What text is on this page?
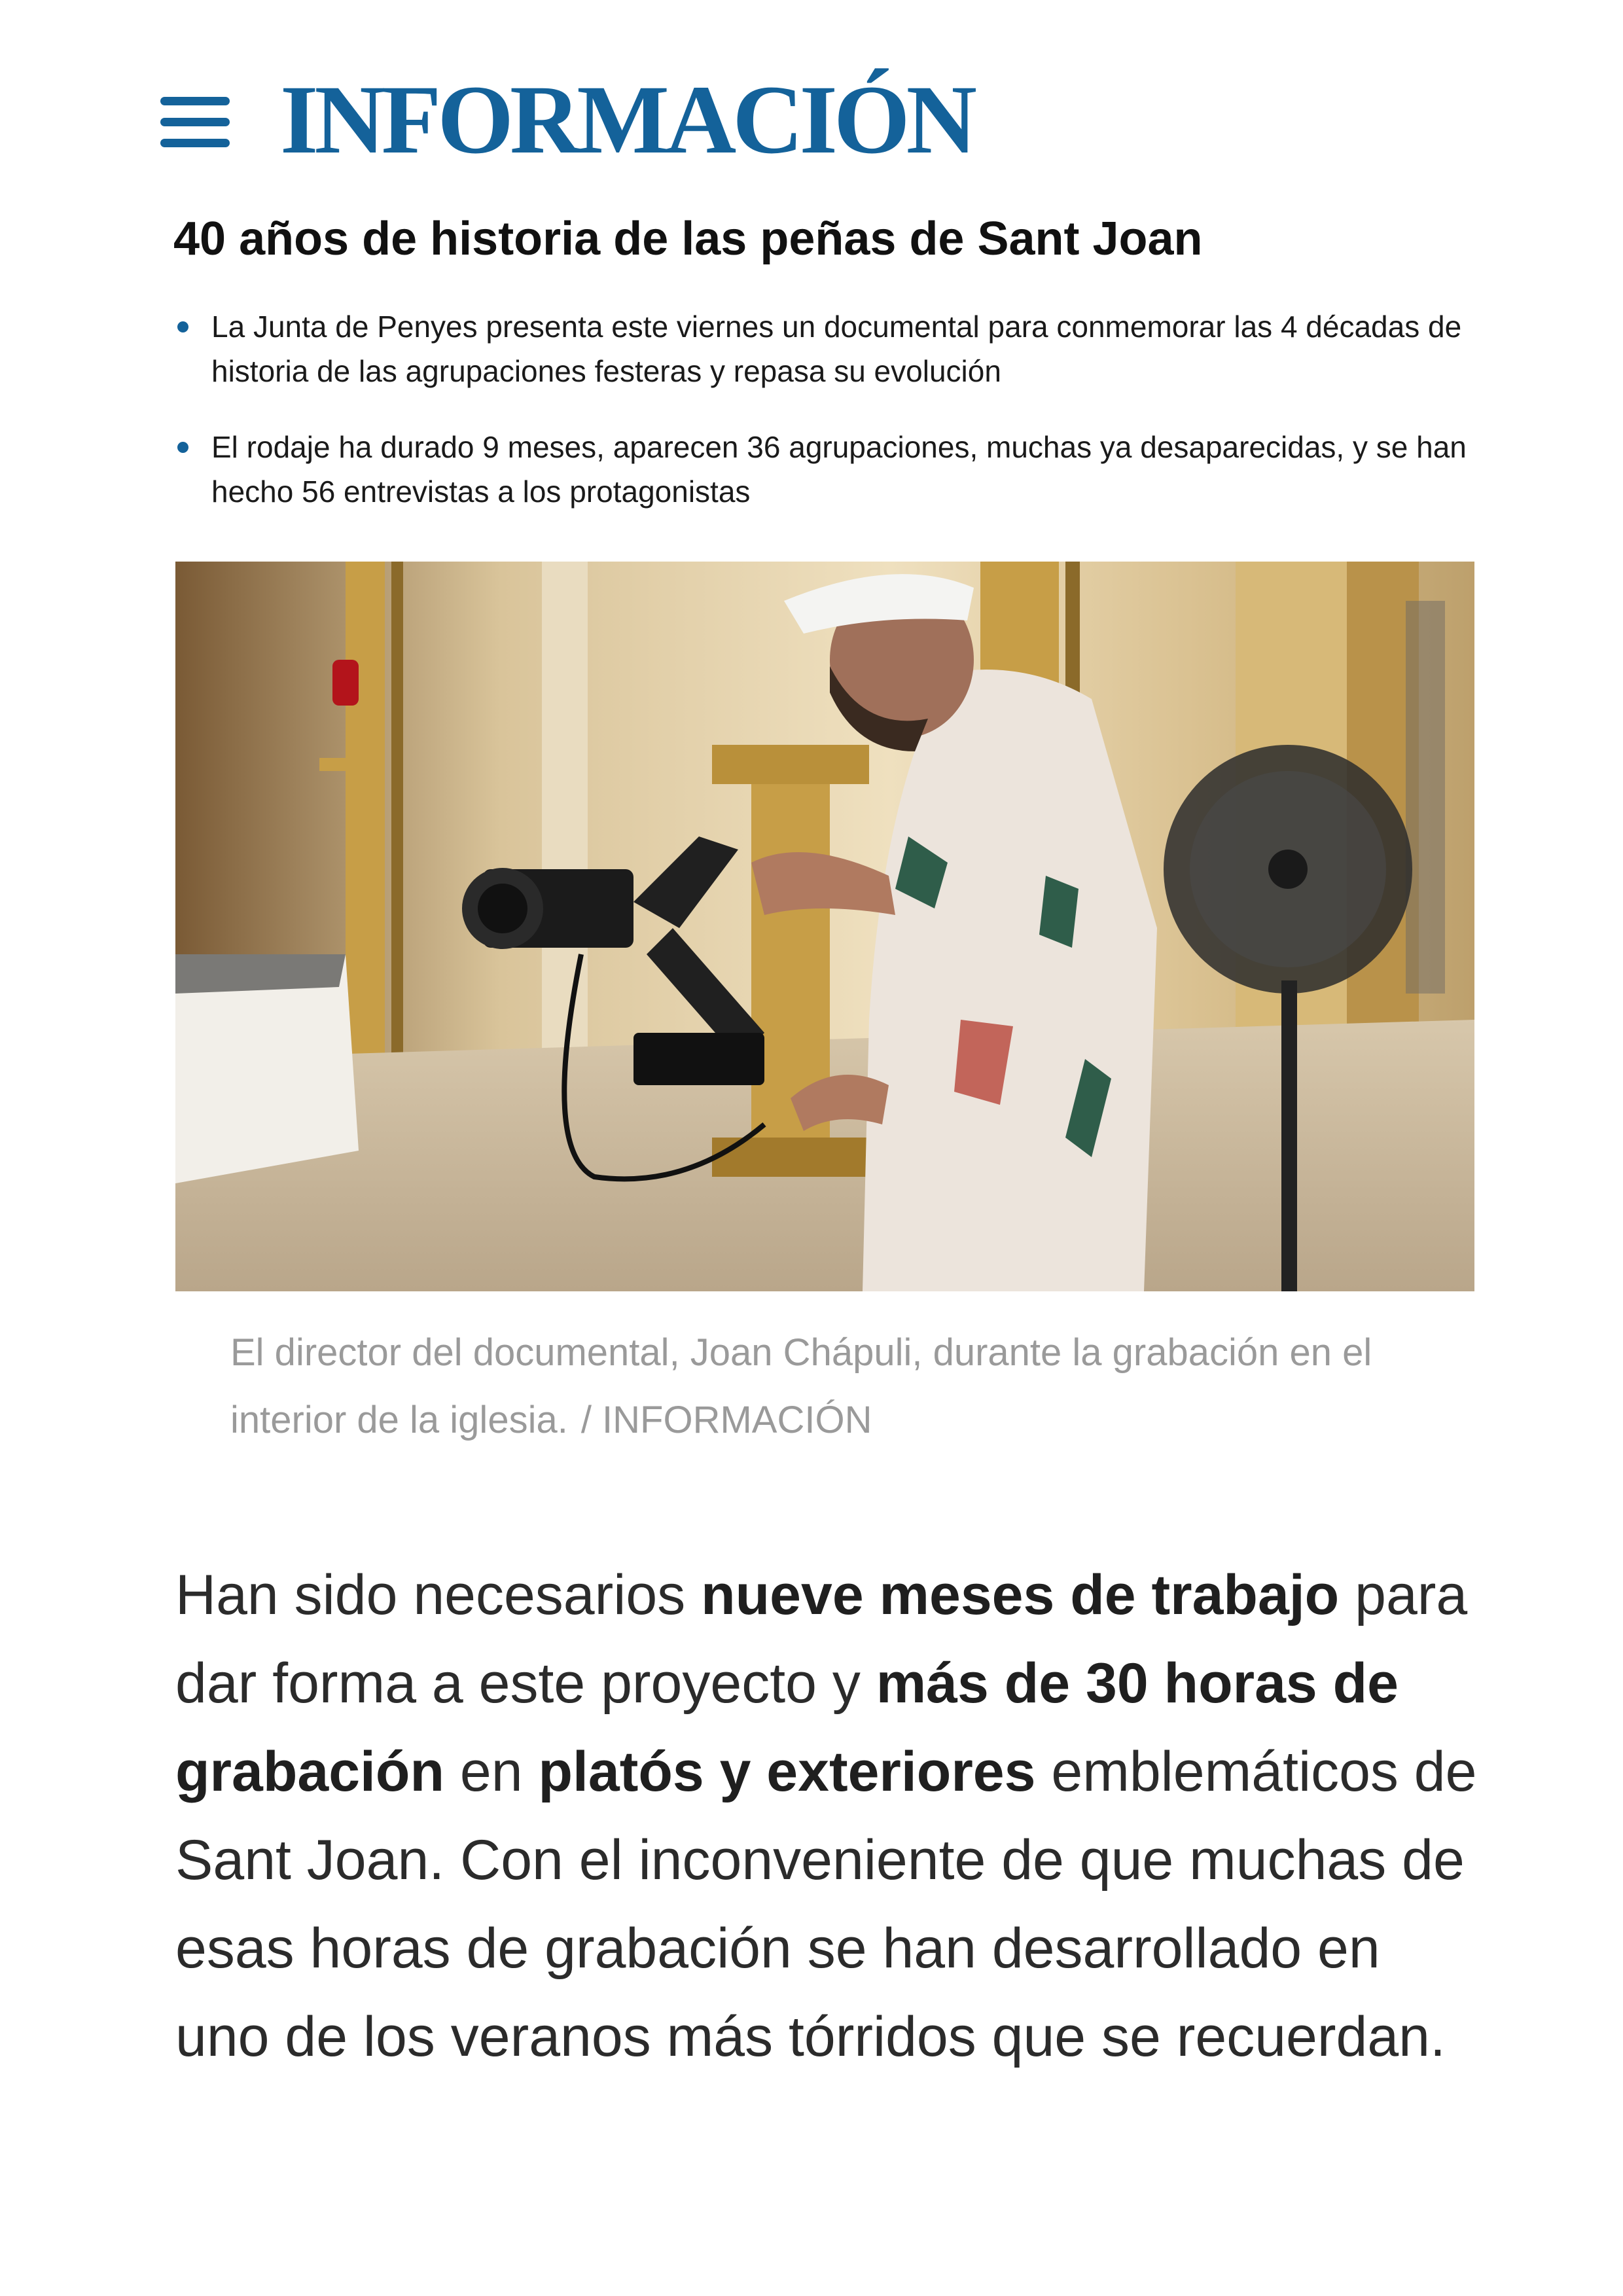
INFORMACIÓN
40 años de historia de las peñas de Sant Joan
La Junta de Penyes presenta este viernes un documental para conmemorar las 4 décadas de historia de las agrupaciones festeras y repasa su evolución
El rodaje ha durado 9 meses, aparecen 36 agrupaciones, muchas ya desaparecidas, y se han hecho 56 entrevistas a los protagonistas
El director del documental, Joan Chápuli, durante la grabación en el interior de la iglesia. / INFORMACIÓN

Han sido necesarios nueve meses de trabajo para dar forma a este proyecto y más de 30 horas de grabación en platós y exteriores emblemáticos de Sant Joan. Con el inconveniente de que muchas de esas horas de grabación se han desarrollado en uno de los veranos más tórridos que se recuerdan.
